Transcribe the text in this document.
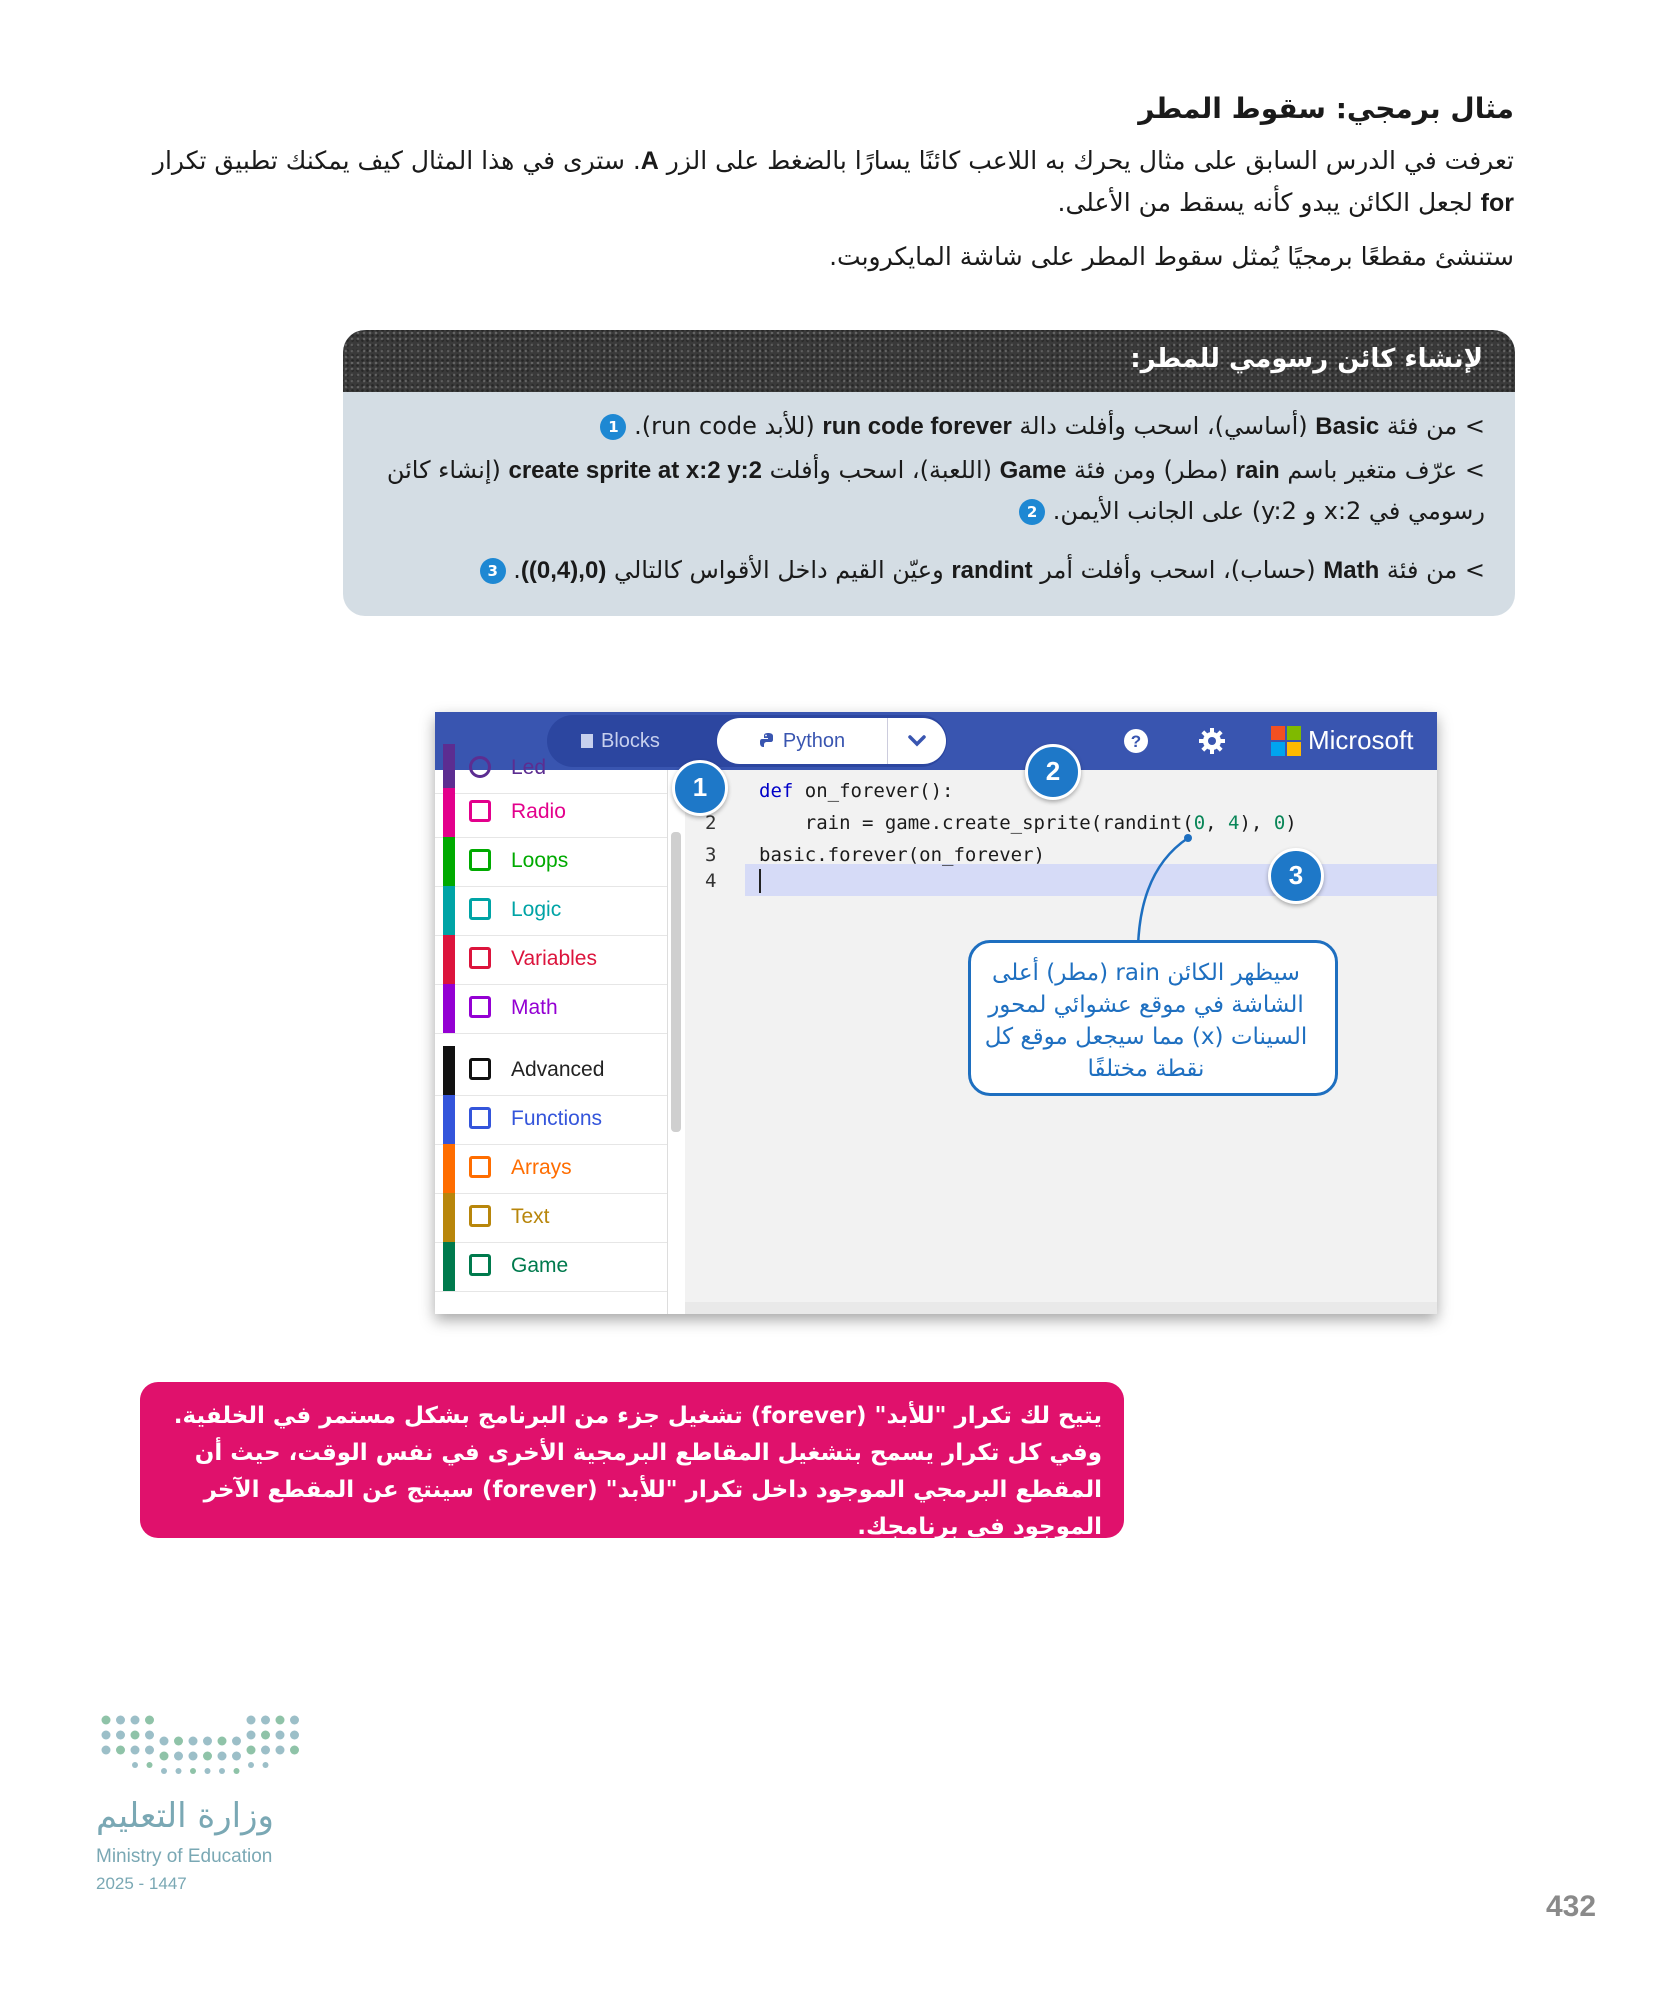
مثال برمجي: سقوط المطر
تعرفت في الدرس السابق على مثال يحرك به اللاعب كائنًا يسارًا بالضغط على الزر A. سترى في هذا المثال كيف يمكنك تطبيق تكرار for لجعل الكائن يبدو كأنه يسقط من الأعلى.
ستنشئ مقطعًا برمجيًا يُمثل سقوط المطر على شاشة المايكروبت.
لإنشاء كائن رسومي للمطر:
> من فئة Basic (أساسي)، اسحب وأفلت دالة run code forever (للأبد run code). 1
> عرّف متغير باسم rain (مطر) ومن فئة Game (اللعبة)، اسحب وأفلت create sprite at x:2 y:2 (إنشاء كائن رسومي في x:2 و y:2) على الجانب الأيمن. 2
> من فئة Math (حساب)، اسحب وأفلت أمر randint وعيّن القيم داخل الأقواس كالتالي (0,(0,4)). 3
Blocks	Python	?	Microsoft
Led
Radio
Loops
Logic
Variables
Math
Advanced
Functions
Arrays
Text
Game
2
3
4
def on_forever():
rain = game.create_sprite(randint(0, 4), 0)
basic.forever(on_forever)
1
2
3
سيظهر الكائن rain (مطر) أعلى الشاشة في موقع عشوائي لمحور السينات (x) مما سيجعل موقع كل نقطة مختلفًا
يتيح لك تكرار "للأبد" (forever) تشغيل جزء من البرنامج بشكل مستمر في الخلفية. وفي كل تكرار يسمح بتشغيل المقاطع البرمجية الأخرى في نفس الوقت، حيث أن المقطع البرمجي الموجود داخل تكرار "للأبد" (forever) سينتج عن المقطع الآخر الموجود في برنامجك.
وزارة التعليم
Ministry of Education
2025 - 1447
432
